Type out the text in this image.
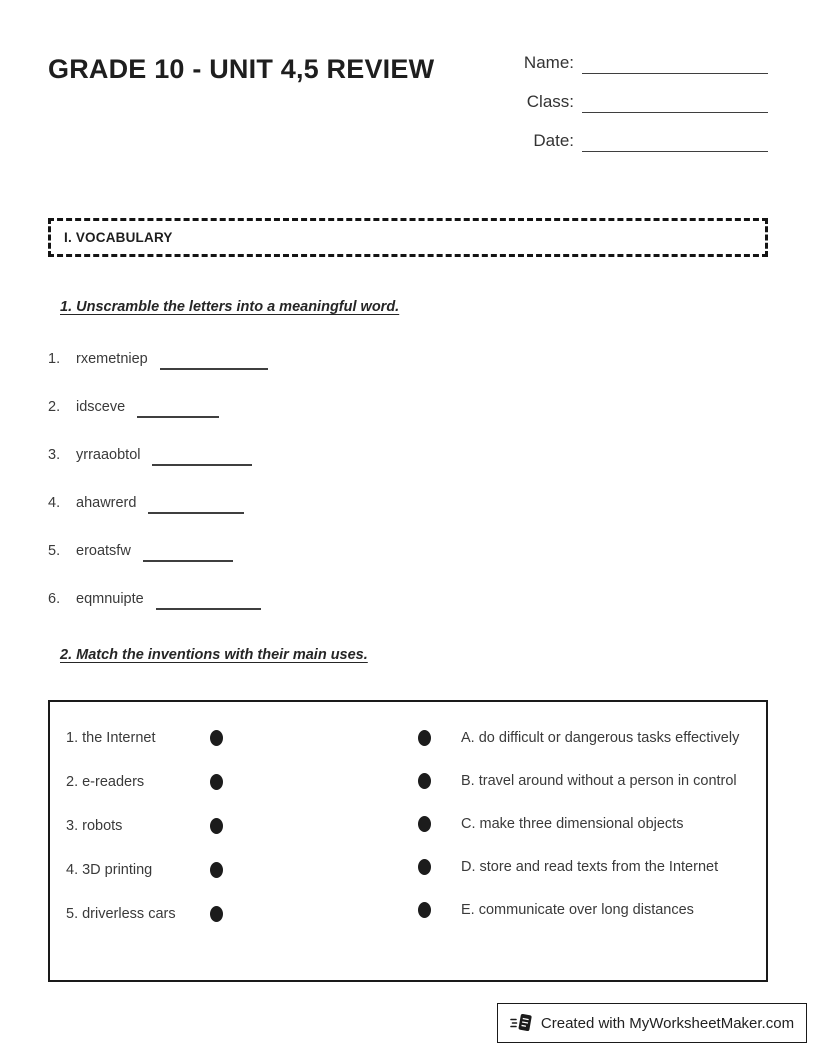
GRADE 10 - UNIT 4,5 REVIEW	Name:
Class:
Date:
I. VOCABULARY
1. Unscramble the letters into a meaningful word.
1. rxemetniep
2. idsceve
3. yrraaobtol
4. ahawrerd
5. eroatsfw
6. eqmnuipte
2. Match the inventions with their main uses.
1. the Internet
2. e-readers
3. robots
4. 3D printing
5. driverless cars
A. do difficult or dangerous tasks effectively
B. travel around without a person in control
C. make three dimensional objects
D. store and read texts from the Internet
E. communicate over long distances
Created with MyWorksheetMaker.com
